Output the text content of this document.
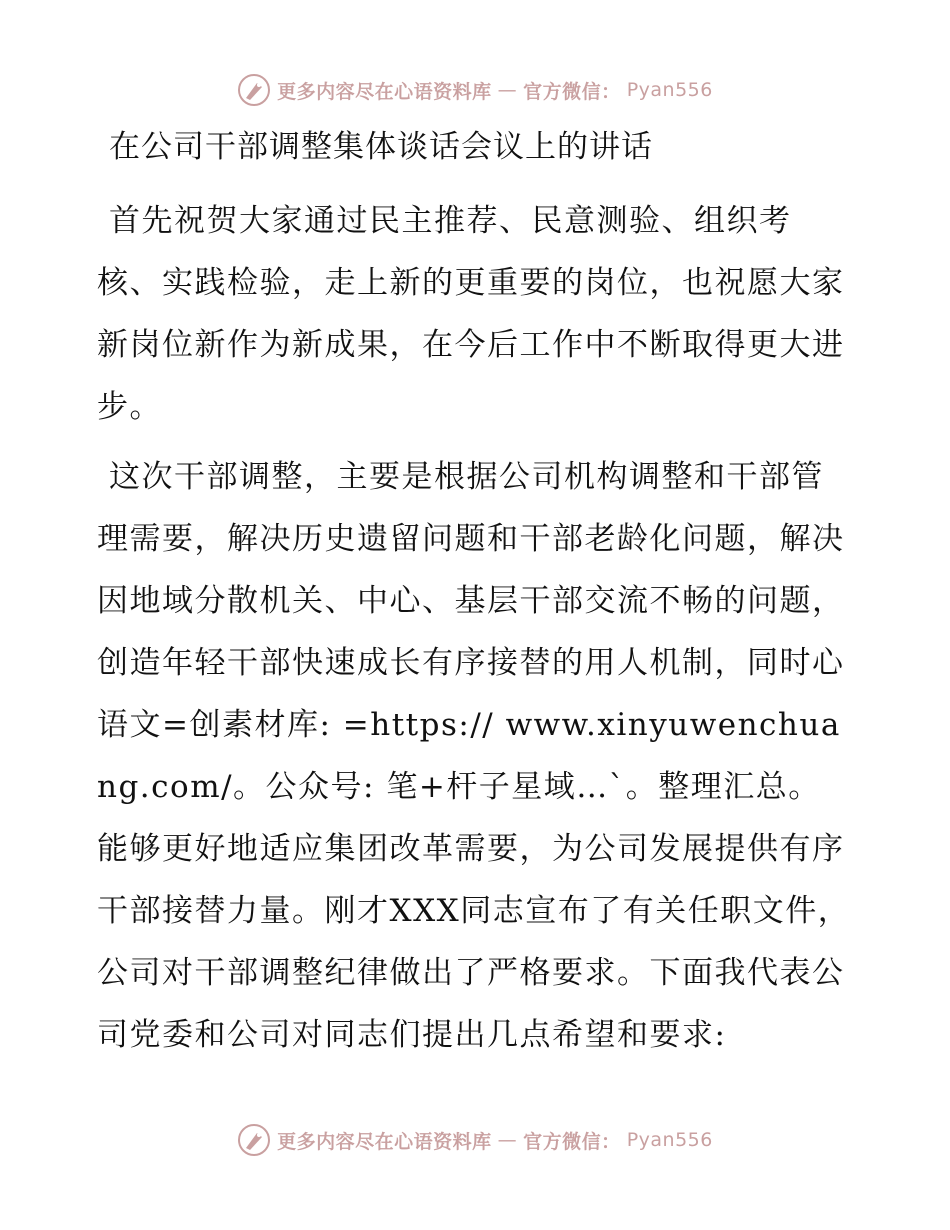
更多内容尽在心语资料库 — 官方微信： Pyan556
在公司干部调整集体谈话会议上的讲话

首先祝贺大家通过民主推荐、民意测验、组织考核、实践检验，走上新的更重要的岗位，也祝愿大家新岗位新作为新成果，在今后工作中不断取得更大进步。

这次干部调整，主要是根据公司机构调整和干部管理需要，解决历史遗留问题和干部老龄化问题，解决因地域分散机关、中心、基层干部交流不畅的问题，创造年轻干部快速成长有序接替的用人机制，同时心语文=创素材库: =https:// www.xinyuwenchuang.com/。公众号: 笔+杆子星域…`。整理汇总。能够更好地适应集团改革需要，为公司发展提供有序干部接替力量。刚才XXX同志宣布了有关任职文件，公司对干部调整纪律做出了严格要求。下面我代表公司党委和公司对同志们提出几点希望和要求:

更多内容尽在心语资料库 — 官方微信： Pyan556
